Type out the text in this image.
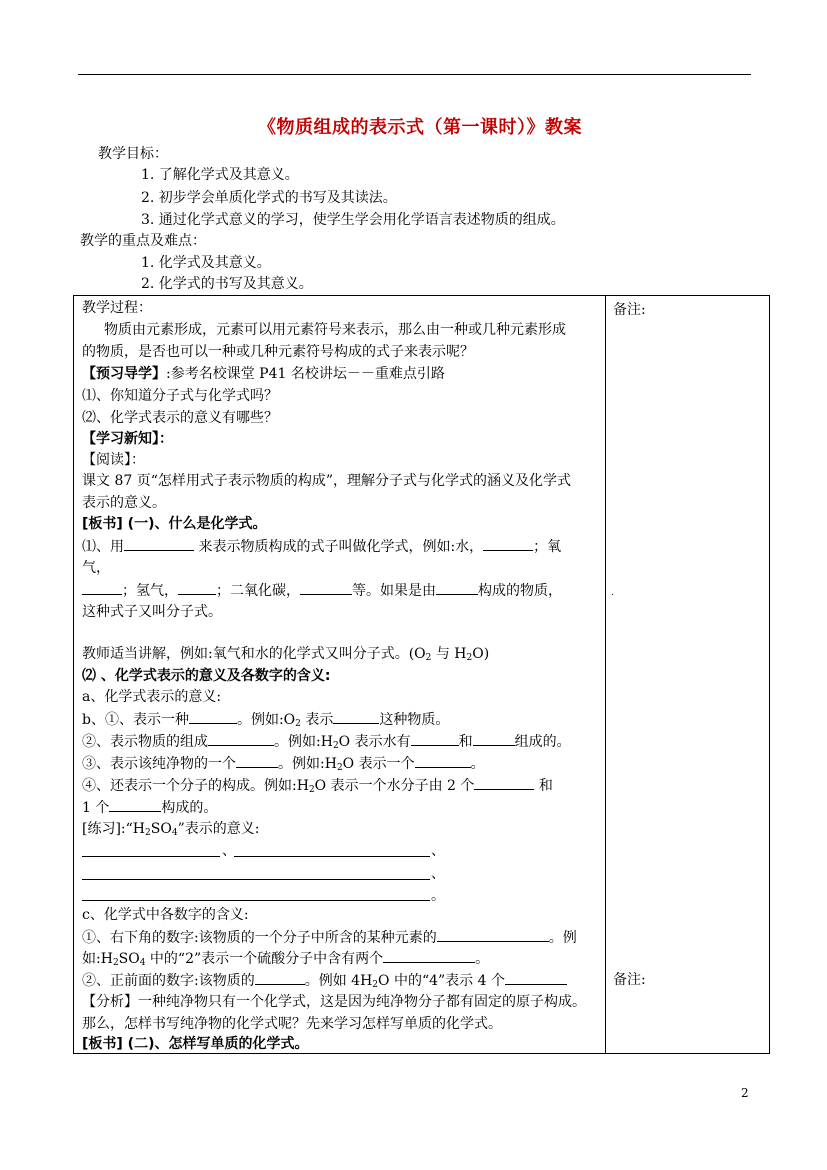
《物质组成的表示式（第一课时）》教案
教学目标：
1. 了解化学式及其意义。
2. 初步学会单质化学式的书写及其读法。
3. 通过化学式意义的学习，使学生学会用化学语言表述物质的组成。
教学的重点及难点：
1. 化学式及其意义。
2. 化学式的书写及其意义。
备注:
.
备注:
教学过程：
物质由元素形成，元素可以用元素符号来表示，那么由一种或几种元素形成
的物质，是否也可以一种或几种元素符号构成的式子来表示呢？
【预习导学】:参考名校课堂 P41 名校讲坛－－重难点引路
⑴、你知道分子式与化学式吗？
⑵、化学式表示的意义有哪些？
【学习新知】：
【阅读】：
课文 87 页“怎样用式子表示物质的构成”，理解分子式与化学式的涵义及化学式
表示的意义。
[板书] (一)、什么是化学式。
⑴、用	来表示物质构成的式子叫做化学式，例如:水，	；氧
气，
；氢气，	；二氧化碳，	等。如果是由	构成的物质，
这种式子又叫分子式。
教师适当讲解，例如:氧气和水的化学式又叫分子式。($O_2$ 与 $H_2O$)
⑵ 、化学式表示的意义及各数字的含义:
a、化学式表示的意义:
b、①、表示一种	。例如$:O_2$ 表示	这种物质。
②、表示物质的组成	。例如$:H_2O$ 表示水有	和	组成的。
③、表示该纯净物的一个	。例如$:H_2O$ 表示一个	。
④、还表示一个分子的构成。例如$:H_2O$ 表示一个水分子由 2 个	和
1 个	构成的。
[练习]$:“H_2SO_4$”表示的意义:
、	、
、
。
c、化学式中各数字的含义:
①、右下角的数字:该物质的一个分子中所含的某种元素的	。例
如$:H_2SO_4$ 中的“2”表示一个硫酸分子中含有两个	。
②、正前面的数字:该物质的	。例如 $4H_2O$ 中的“4”表示 4 个
【分析】一种纯净物只有一个化学式，这是因为纯净物分子都有固定的原子构成。
那么，怎样书写纯净物的化学式呢？先来学习怎样写单质的化学式。
[板书] (二)、怎样写单质的化学式。
2
